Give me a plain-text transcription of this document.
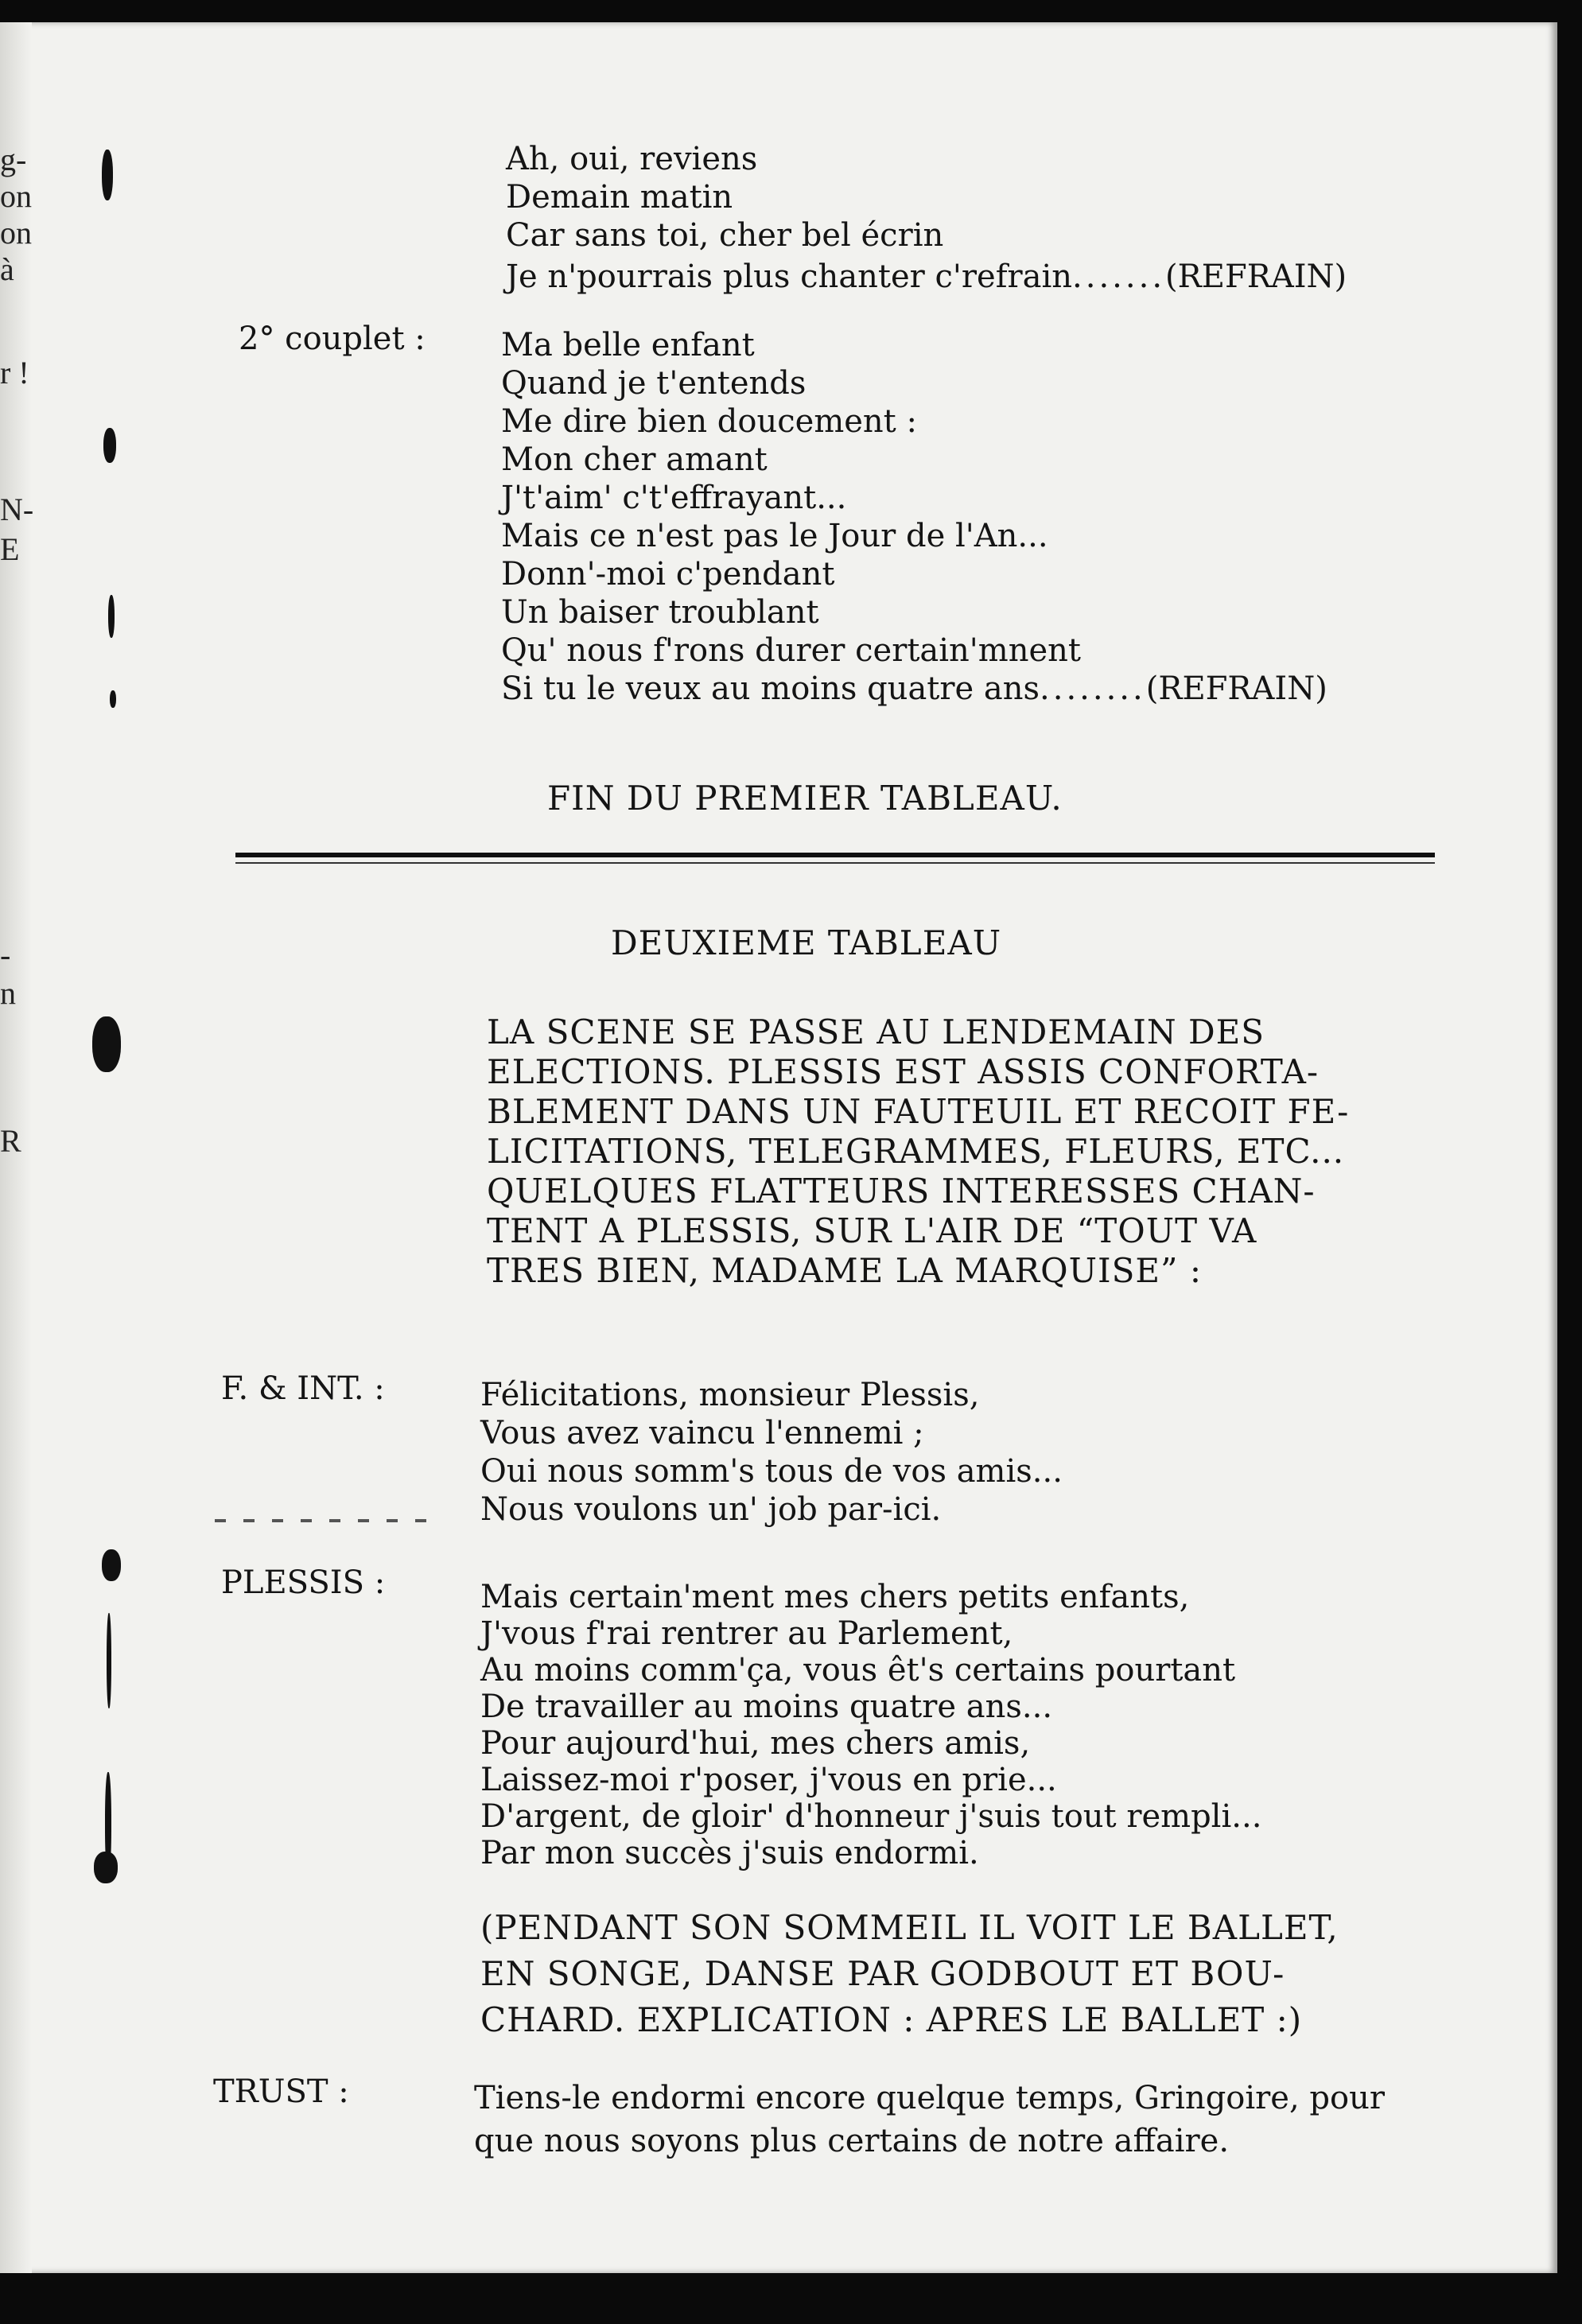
g-
on
on
à
r !
N-
E
-
n
R
Ah, oui, reviens
Demain matin
Car sans toi, cher bel écrin
Je n'pourrais plus chanter c'refrain.......(REFRAIN)
2° couplet : Ma belle enfant
Quand je t'entends
Me dire bien doucement :
Mon cher amant
J't'aim' c't'effrayant...
Mais ce n'est pas le Jour de l'An...
Donn'-moi c'pendant
Un baiser troublant
Qu' nous f'rons durer certain'mnent
Si tu le veux au moins quatre ans........(REFRAIN)
FIN DU PREMIER TABLEAU.
DEUXIEME TABLEAU
LA SCENE SE PASSE AU LENDEMAIN DES
ELECTIONS. PLESSIS EST ASSIS CONFORTA-
BLEMENT DANS UN FAUTEUIL ET RECOIT FE-
LICITATIONS, TELEGRAMMES, FLEURS, ETC...
QUELQUES FLATTEURS INTERESSES CHAN-
TENT A PLESSIS, SUR L'AIR DE “TOUT VA
TRES BIEN, MADAME LA MARQUISE” :
F. & INT. :	Félicitations, monsieur Plessis,
Vous avez vaincu l'ennemi ;
Oui nous somm's tous de vos amis...
Nous voulons un' job par-ici.
PLESSIS :	Mais certain'ment mes chers petits enfants,
J'vous f'rai rentrer au Parlement,
Au moins comm'ça, vous êt's certains pourtant
De travailler au moins quatre ans...
Pour aujourd'hui, mes chers amis,
Laissez-moi r'poser, j'vous en prie...
D'argent, de gloir' d'honneur j'suis tout rempli...
Par mon succès j'suis endormi.
(PENDANT SON SOMMEIL IL VOIT LE BALLET,
EN SONGE, DANSE PAR GODBOUT ET BOU-
CHARD. EXPLICATION : APRES LE BALLET :)
TRUST :	Tiens-le endormi encore quelque temps, Gringoire, pour
que nous soyons plus certains de notre affaire.
